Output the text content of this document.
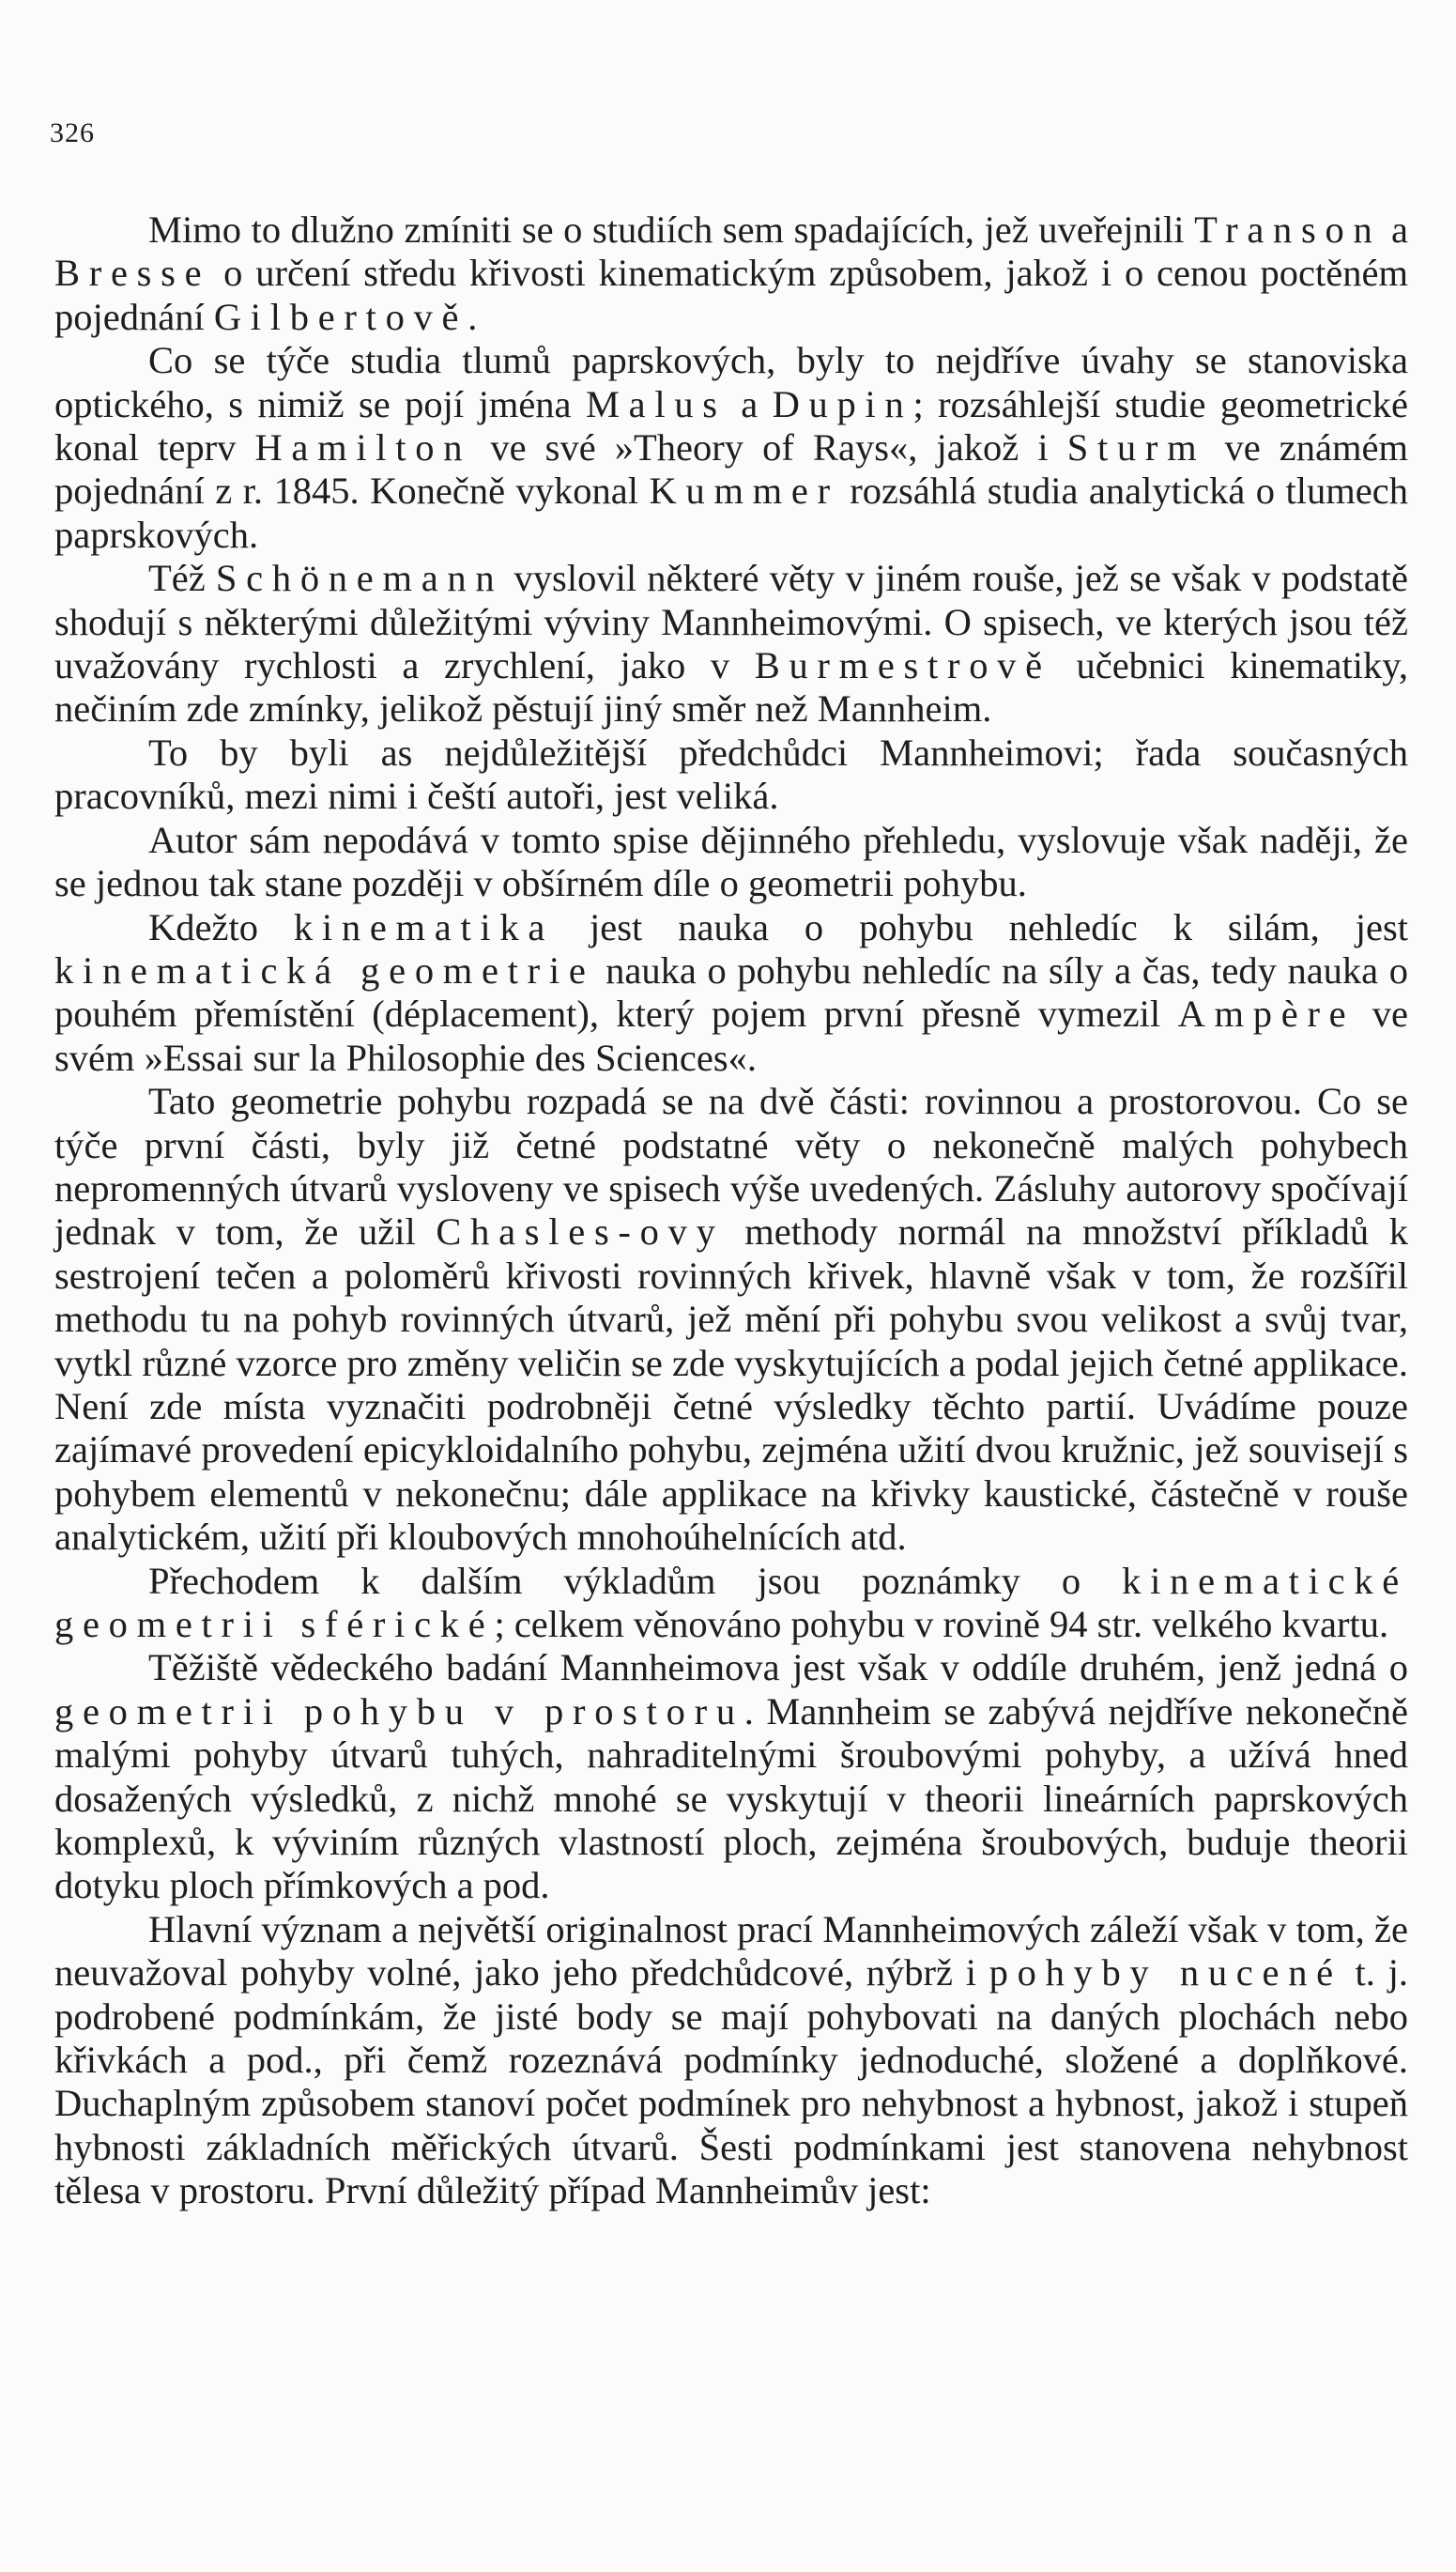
326

Mimo to dlužno zmíniti se o studiích sem spadajících, jež uveřejnili Transon a Bresse o určení středu křivosti kinematickým způsobem, jakož i o cenou poctěném pojednání Gilbertově.

Co se týče studia tlumů paprskových, byly to nejdříve úvahy se stanoviska optického, s nimiž se pojí jména Malus a Dupin; rozsáhlejší studie geometrické konal teprv Hamilton ve své »Theory of Rays«, jakož i Sturm ve známém pojednání z r. 1845. Konečně vykonal Kummer rozsáhlá studia analytická o tlumech paprskových.

Též Schönemann vyslovil některé věty v jiném rouše, jež se však v podstatě shodují s některými důležitými výviny Mannheimovými. O spisech, ve kterých jsou též uvažovány rychlosti a zrychlení, jako v Burmestrově učebnici kinematiky, nečiním zde zmínky, jelikož pěstují jiný směr než Mannheim.

To by byli as nejdůležitější předchůdci Mannheimovi; řada současných pracovníků, mezi nimi i čeští autoři, jest veliká.

Autor sám nepodává v tomto spise dějinného přehledu, vyslovuje však naději, že se jednou tak stane později v obšírném díle o geometrii pohybu.

Kdežto kinematika jest nauka o pohybu nehledíc k silám, jest kinematická geometrie nauka o pohybu nehledíc na síly a čas, tedy nauka o pouhém přemístění (déplacement), který pojem první přesně vymezil Ampère ve svém »Essai sur la Philosophie des Sciences«.

Tato geometrie pohybu rozpadá se na dvě části: rovinnou a prostorovou. Co se týče první části, byly již četné podstatné věty o nekonečně malých pohybech nepromenných útvarů vysloveny ve spisech výše uvedených. Zásluhy autorovy spočívají jednak v tom, že užil Chasles-ovy methody normál na množství příkladů k sestrojení tečen a poloměrů křivosti rovinných křivek, hlavně však v tom, že rozšířil methodu tu na pohyb rovinných útvarů, jež mění při pohybu svou velikost a svůj tvar, vytkl různé vzorce pro změny veličin se zde vyskytujících a podal jejich četné applikace. Není zde místa vyznačiti podrobněji četné výsledky těchto partií. Uvádíme pouze zajímavé provedení epicykloidalního pohybu, zejména užití dvou kružnic, jež souvisejí s pohybem elementů v nekonečnu; dále applikace na křivky kaustické, částečně v rouše analytickém, užití při kloubových mnohoúhelnících atd.

Přechodem k dalším výkladům jsou poznámky o kinematické geometrii sférické; celkem věnováno pohybu v rovině 94 str. velkého kvartu.

Těžiště vědeckého badání Mannheimova jest však v oddíle druhém, jenž jedná o geometrii pohybu v prostoru. Mannheim se zabývá nejdříve nekonečně malými pohyby útvarů tuhých, nahraditelnými šroubovými pohyby, a užívá hned dosažených výsledků, z nichž mnohé se vyskytují v theorii lineárních paprskových komplexů, k výviním různých vlastností ploch, zejména šroubových, buduje theorii dotyku ploch přímkových a pod.

Hlavní význam a největší originalnost prací Mannheimových záleží však v tom, že neuvažoval pohyby volné, jako jeho předchůdcové, nýbrž i pohyby nucené t. j. podrobené podmínkám, že jisté body se mají pohybovati na daných plochách nebo křivkách a pod., při čemž rozeznává podmínky jednoduché, složené a doplňkové. Duchaplným způsobem stanoví počet podmínek pro nehybnost a hybnost, jakož i stupeň hybnosti základních měřických útvarů. Šesti podmínkami jest stanovena nehybnost tělesa v prostoru. První důležitý případ Mannheimův jest:
